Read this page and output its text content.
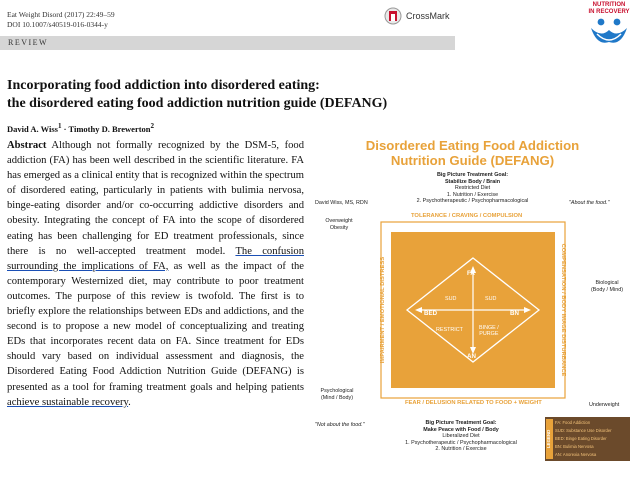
Eat Weight Disord (2017) 22:49–59
DOI 10.1007/s40519-016-0344-y
CrossMark
REVIEW
NUTRITION
IN RECOVERY
Incorporating food addiction into disordered eating:
the disordered eating food addiction nutrition guide (DEFANG)
David A. Wiss$^1$ · Timothy D. Brewerton$^2$
Abstract Although not formally recognized by the DSM-5, food addiction (FA) has been well described in the scientific literature. FA has emerged as a clinical entity that is recognized within the spectrum of disordered eating, particularly in patients with bulimia nervosa, binge-eating disorder and/or co-occurring addictive disorders and obesity. Integrating the concept of FA into the scope of disordered eating has been challenging for ED treatment professionals, since there is no well-accepted treatment model. The confusion surrounding the implications of FA, as well as the impact of the contemporary Westernized diet, may contribute to poor treatment outcomes. The purpose of this review is twofold. The first is to briefly explore the relationships between EDs and addictions, and the second is to propose a new model of conceptualizing and treating EDs that incorporates recent data on FA. Since treatment for EDs should vary based on individual assessment and diagnosis, the Disordered Eating Food Addiction Nutrition Guide (DEFANG) is presented as a tool for framing treatment goals and helping patients achieve sustainable recovery.
Disordered Eating Food Addiction
Nutrition Guide (DEFANG)
Big Picture Treatment Goal:
Stabilize Body / Brain
Restricted Diet
1. Nutrition / Exercise
2. Psychotherapeutic / Psychopharmacological
David Wiss, MS, RDN	"About the food."
Overweight
Obesity
Biological
(Body / Mind)
Psychological
(Mind / Body)
Underweight
TOLERANCE / CRAVING / COMPULSION
FEAR / DELUSION RELATED TO FOOD + WEIGHT
IMPAIRMENT / EMOTIONAL DISTRESS	COMPENSATION / BODY IMAGE DISTURBANCE
FA
AN
BED	BN
SUD	SUD
RESTRICT	BINGE /
PURGE
"Not about the food."	Big Picture Treatment Goal:
Make Peace with Food / Body
Liberalized Diet
1. Psychotherapeutic / Psychopharmacological
2. Nutrition / Exercise
LEGEND
FA: Food Addiction
SUD: Substance Use Disorder
BED: Binge Eating Disorder
BN: Bulimia Nervosa
AN: Anorexia Nervosa
